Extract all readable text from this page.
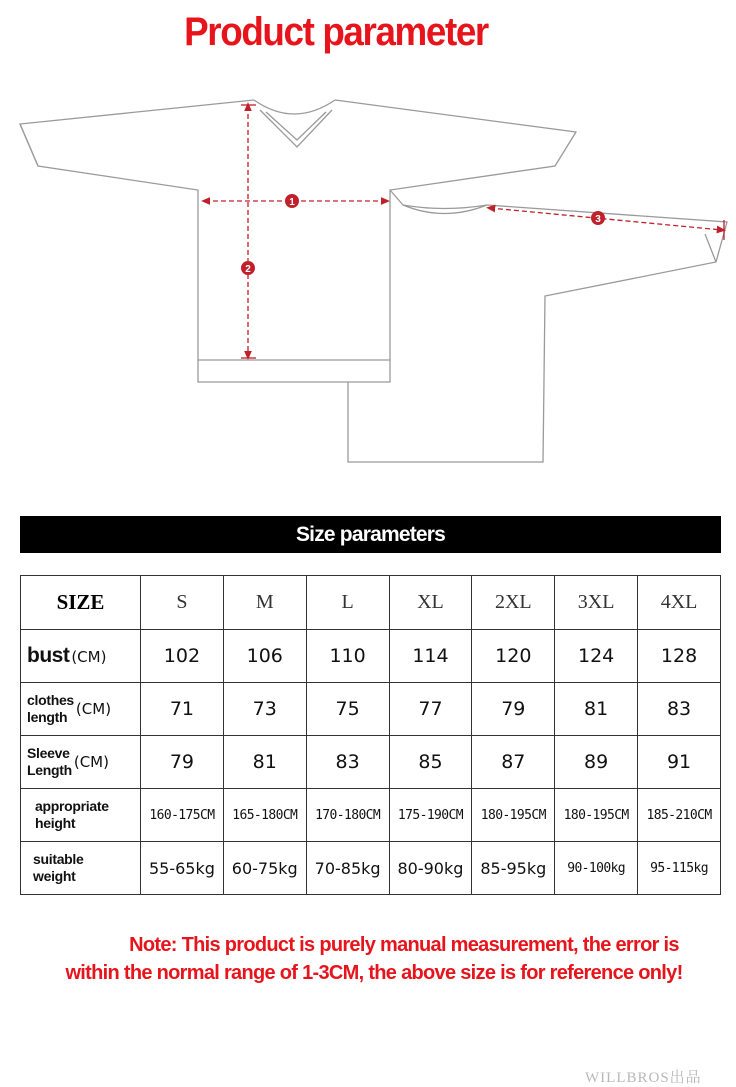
Product parameter
1
2
3
Size parameters
SIZE	S	M	L	XL	2XL	3XL	4XL
bust (CM)	102	106	110	114	120	124	128
clothes
length (CM)	71	73	75	77	79	81	83
Sleeve
Length (CM)	79	81	83	85	87	89	91
appropriate
height	160-175CM	165-180CM	170-180CM	175-190CM	180-195CM	180-195CM	185-210CM
suitable
weight	55-65kg	60-75kg	70-85kg	80-90kg	85-95kg	90-100kg	95-115kg
Note: This product is purely manual measurement, the error is
within the normal range of 1-3CM, the above size is for reference only!
WILLBROS出品
